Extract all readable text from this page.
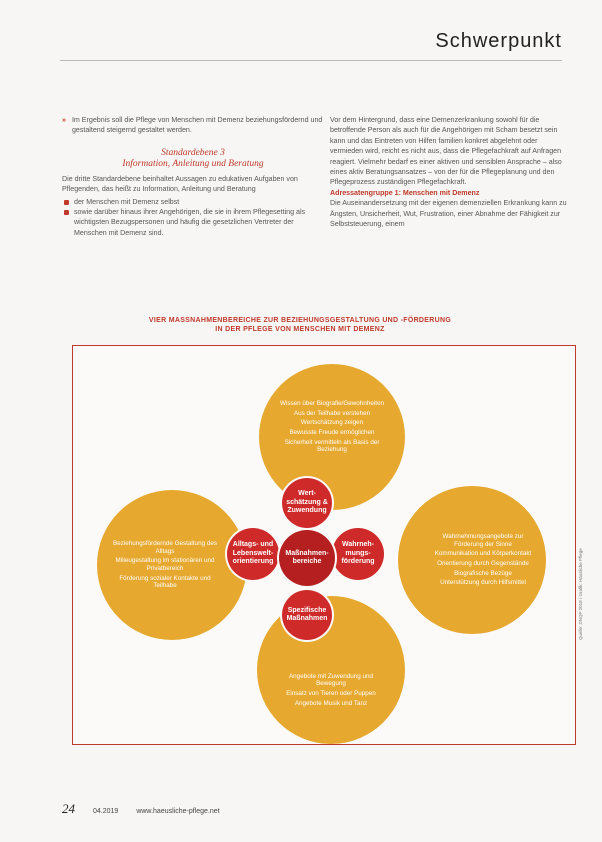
Schwerpunkt
» Im Ergebnis soll die Pflege von Menschen mit Demenz beziehungsfördernd und gestaltend steigernd gestaltet werden.

Standardebene 3
Information, Anleitung und Beratung

Die dritte Standardebene beinhaltet Aussagen zu edukativen Aufgaben von Pflegenden, das heißt zu Information, Anleitung und Beratung

der Menschen mit Demenz selbst
sowie darüber hinaus ihrer Angehörigen, die sie in ihrem Pflegesetting als wichtigsten Bezugspersonen und häufig die gesetzlichen Vertreter der Menschen mit Demenz sind.

Vor dem Hintergrund, dass eine Demenzerkrankung sowohl für die betroffende Person als auch für die Angehörigen mit Scham besetzt sein kann und das Eintreten von Hilfen familien konkret abgelehnt oder vermieden wird, reicht es nicht aus, dass die Pflegefachkraft auf Anfragen reagiert. Vielmehr bedarf es einer aktiven und sensiblen Ansprache – also eines aktiv Beratungsansatzes – von der für die Pflegeplanung und den Pflegeprozess zuständigen Pflegefachkraft.

Adressatengruppe 1: Menschen mit Demenz

Die Auseinandersetzung mit der eigenen demenziellen Erkrankung kann zu Ängsten, Unsicherheit, Wut, Frustration, einer Abnahme der Fähigkeit zur Selbststeuerung, einem

VIER MASSNAHMENBEREICHE ZUR BEZIEHUNGSGESTALTUNG UND -FÖRDERUNG
IN DER PFLEGE VON MENSCHEN MIT DEMENZ
Wissen über Biografie/Gewohnheiten
Aus der Teilhabe verstehen
Wertschätzung zeigen
Bewusste Freude ermöglichen
Sicherheit vermitteln als Basis der Beziehung
Beziehungsfördernde Gestaltung des Alltags
Milieugestaltung im stationären und Privatbereich
Förderung sozialer Kontakte und Teilhabe
Wahrnehmungsangebote zur Förderung der Sinne
Kommunikation und Körperkontakt
Orientierung durch Gegenstände
Biografische Bezüge
Unterstützung durch Hilfsmittel
Angebote mit Zuwendung und Bewegung
Einsatz von Tieren oder Puppen
Angebote Musik und Tanz
Wert-schätzung & Zuwendung
Alltags- und Lebenswelt-orientierung
Wahrneh-mungs-förderung
Spezifische Maßnahmen
Maßnahmen-bereiche	Quelle: DNQP 2018 / Grafik: Häusliche Pflege
24	04.2019	www.haeusliche-pflege.net
